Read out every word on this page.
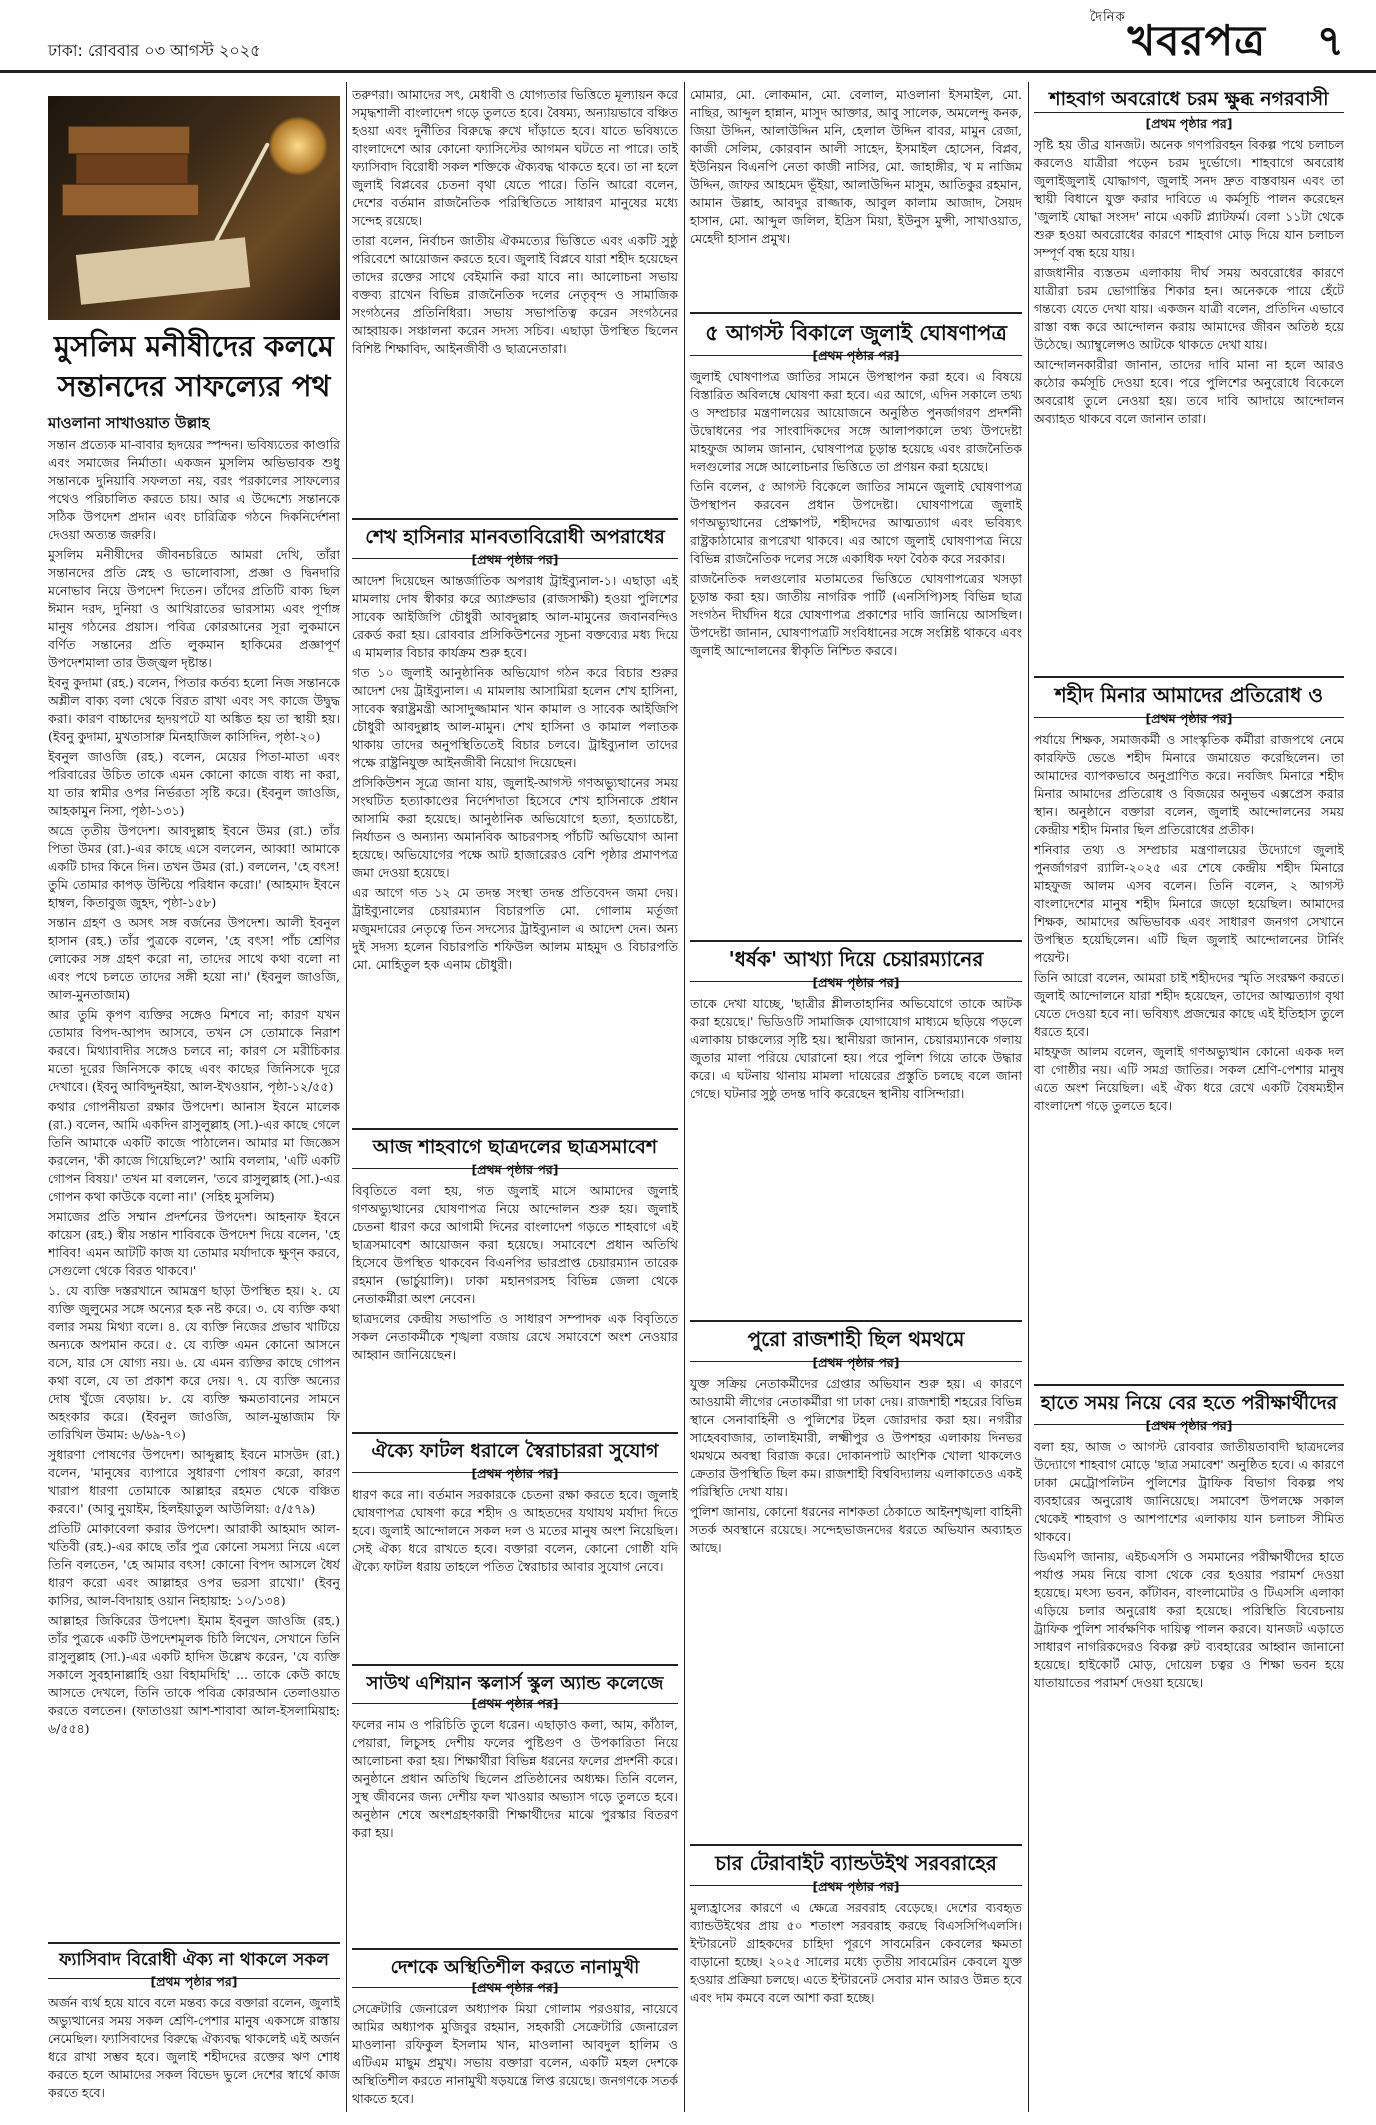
ঢাকা: রোববার ০৩ আগস্ট ২০২৫
$^{দৈনিক}$খবরপত্র ৭
মুসলিম মনীষীদের কলমে সন্তানদের সাফল্যের পথ
মাওলানা সাখাওয়াত উল্লাহ

সন্তান প্রত্যেক মা-বাবার হৃদয়ের স্পন্দন। ভবিষ্যতের কাণ্ডারি এবং সমাজের নির্মাতা। একজন মুসলিম অভিভাবক শুধু সন্তানকে দুনিয়াবি সফলতা নয়, বরং পরকালের সাফল্যের পথেও পরিচালিত করতে চায়। আর এ উদ্দেশ্যে সন্তানকে সঠিক উপদেশ প্রদান এবং চারিত্রিক গঠনে দিকনির্দেশনা দেওয়া অত্যন্ত জরুরি।

মুসলিম মনীষীদের জীবনচরিতে আমরা দেখি, তাঁরা সন্তানদের প্রতি স্নেহ ও ভালোবাসা, প্রজ্ঞা ও দ্বিনদারি মনোভাব নিয়ে উপদেশ দিতেন। তাঁদের প্রতিটি বাক্য ছিল ঈমান দরদ, দুনিয়া ও আখিরাতের ভারসাম্য এবং পূর্ণাঙ্গ মানুষ গঠনের প্রয়াস। পবিত্র কোরআনের সূরা লুকমানে বর্ণিত সন্তানের প্রতি লুকমান হাকিমের প্রজ্ঞাপূর্ণ উপদেশমালা তার উজ্জ্বল দৃষ্টান্ত।

ইবনু কুদামা (রহ.) বলেন, পিতার কর্তব্য হলো নিজ সন্তানকে অশ্লীল বাক্য বলা থেকে বিরত রাখা এবং সৎ কাজে উদ্বুদ্ধ করা। কারণ বাচ্চাদের হৃদয়পটে যা অঙ্কিত হয় তা স্থায়ী হয়। (ইবনু কুদামা, মুখতাসারু মিনহাজিল কাসিদিন, পৃষ্ঠা-২০)

ইবনুল জাওজি (রহ.) বলেন, মেয়ের পিতা-মাতা এবং পরিবারের উচিত তাকে এমন কোনো কাজে বাধ্য না করা, যা তার স্বামীর ওপর নির্ভরতা সৃষ্টি করে। (ইবনুল জাওজি, আহকামুন নিসা, পৃষ্ঠা-১৩১)

অভ্রে তৃতীয় উপদেশ। আবদুল্লাহ ইবনে উমর (রা.) তাঁর পিতা উমর (রা.)-এর কাছে এসে বললেন, আব্বা! আমাকে একটি চাদর কিনে দিন। তখন উমর (রা.) বললেন, 'হে বৎস! তুমি তোমার কাপড় উল্টিয়ে পরিধান করো।' (আহমাদ ইবনে হাম্বল, কিতাবুজ জুহদ, পৃষ্ঠা-১৫৮)

সন্তান গ্রহণ ও অসৎ সঙ্গ বর্জনের উপদেশ। আলী ইবনুল হাসান (রহ.) তাঁর পুত্রকে বলেন, 'হে বৎস! পাঁচ শ্রেণির লোকের সঙ্গ গ্রহণ করো না, তাদের সাথে কথা বলো না এবং পথে চলতে তাদের সঙ্গী হয়ো না।' (ইবনুল জাওজি, আল-মুনতাজাম)

আর তুমি কৃপণ ব্যক্তির সঙ্গেও মিশবে না; কারণ যখন তোমার বিপদ-আপদ আসবে, তখন সে তোমাকে নিরাশ করবে। মিথ্যাবাদীর সঙ্গেও চলবে না; কারণ সে মরীচিকার মতো দূরের জিনিসকে কাছে এবং কাছের জিনিসকে দূরে দেখাবে। (ইবনু আবিদ্দুনইয়া, আল-ইখওয়ান, পৃষ্ঠা-১২/৫৫)

কথার গোপনীয়তা রক্ষার উপদেশ। আনাস ইবনে মালেক (রা.) বলেন, আমি একদিন রাসুলুল্লাহ (সা.)-এর কাছে গেলে তিনি আমাকে একটি কাজে পাঠালেন। আমার মা জিজ্ঞেস করলেন, 'কী কাজে গিয়েছিলে?' আমি বললাম, 'এটি একটি গোপন বিষয়।' তখন মা বললেন, 'তবে রাসুলুল্লাহ (সা.)-এর গোপন কথা কাউকে বলো না।' (সহিহ মুসলিম)

সমাজের প্রতি সম্মান প্রদর্শনের উপদেশ। আহনাফ ইবনে কায়েস (রহ.) স্বীয় সন্তান শাবিবকে উপদেশ দিয়ে বলেন, 'হে শাবিব! এমন আটটি কাজ যা তোমার মর্যাদাকে ক্ষুণ্ন করবে, সেগুলো থেকে বিরত থাকবে।'

১. যে ব্যক্তি দস্তরখানে আমন্ত্রণ ছাড়া উপস্থিত হয়। ২. যে ব্যক্তি জুলুমের সঙ্গে অন্যের হক নষ্ট করে। ৩. যে ব্যক্তি কথা বলার সময় মিথ্যা বলে। ৪. যে ব্যক্তি নিজের প্রভাব খাটিয়ে অন্যকে অপমান করে। ৫. যে ব্যক্তি এমন কোনো আসনে বসে, যার সে যোগ্য নয়। ৬. যে এমন ব্যক্তির কাছে গোপন কথা বলে, যে তা প্রকাশ করে দেয়। ৭. যে ব্যক্তি অন্যের দোষ খুঁজে বেড়ায়। ৮. যে ব্যক্তি ক্ষমতাবানের সামনে অহংকার করে। (ইবনুল জাওজি, আল-মুন্তাজাম ফি তারিখিল উমাম: ৬/৬৯-৭০)

সুধারণা পোষণের উপদেশ। আব্দুল্লাহ ইবনে মাসউদ (রা.) বলেন, 'মানুষের ব্যাপারে সুধারণা পোষণ করো, কারণ খারাপ ধারণা তোমাকে আল্লাহর রহমত থেকে বঞ্চিত করবে।' (আবু নুয়াইম, হিলইয়াতুল আউলিয়া: ৫/৫৭৯)

প্রতিটি মোকাবেলা করার উপদেশ। আরাকী আহমাদ আল-খতিবী (রহ.)-এর কাছে তাঁর পুত্র কোনো সমস্যা নিয়ে এলে তিনি বলতেন, 'হে আমার বৎস! কোনো বিপদ আসলে ধৈর্য ধারণ করো এবং আল্লাহর ওপর ভরসা রাখো।' (ইবনু কাসির, আল-বিদায়াহ ওয়ান নিহায়াহ: ১০/১৩৪)

আল্লাহর জিকিরের উপদেশ। ইমাম ইবনুল জাওজি (রহ.) তাঁর পুত্রকে একটি উপদেশমূলক চিঠি লিখেন, সেখানে তিনি রাসুলুল্লাহ (সা.)-এর একটি হাদিস উল্লেখ করেন, 'যে ব্যক্তি সকালে সুবহানাল্লাহি ওয়া বিহামদিহি' ... তাকে কেউ কাছে আসতে দেখলে, তিনি তাকে পবিত্র কোরআন তেলাওয়াত করতে বলতেন। (ফাতাওয়া আশ-শাবাবা আল-ইসলামিয়াহ: ৬/৫৫৪)

ফ্যাসিবাদ বিরোধী ঐক্য না থাকলে সকল
[প্রথম পৃষ্ঠার পর]

অর্জন ব্যর্থ হয়ে যাবে বলে মন্তব্য করে বক্তারা বলেন, জুলাই অভ্যুত্থানের সময় সকল শ্রেণি-পেশার মানুষ একসঙ্গে রাস্তায় নেমেছিল। ফ্যাসিবাদের বিরুদ্ধে ঐক্যবদ্ধ থাকলেই এই অর্জন ধরে রাখা সম্ভব হবে। জুলাই শহীদদের রক্তের ঋণ শোধ করতে হলে আমাদের সকল বিভেদ ভুলে দেশের স্বার্থে কাজ করতে হবে।

তরুণরা। আমাদের সৎ, মেধাবী ও যোগ্যতার ভিত্তিতে মূল্যায়ন করে সমৃদ্ধশালী বাংলাদেশ গড়ে তুলতে হবে। বৈষম্য, অন্যায়ভাবে বঞ্চিত হওয়া এবং দুর্নীতির বিরুদ্ধে রুখে দাঁড়াতে হবে। যাতে ভবিষ্যতে বাংলাদেশে আর কোনো ফ্যাসিস্টের আগমন ঘটতে না পারে। তাই ফ্যাসিবাদ বিরোধী সকল শক্তিকে ঐক্যবদ্ধ থাকতে হবে। তা না হলে জুলাই বিপ্লবের চেতনা বৃথা যেতে পারে। তিনি আরো বলেন, দেশের বর্তমান রাজনৈতিক পরিস্থিতিতে সাধারণ মানুষের মধ্যে সন্দেহ রয়েছে।

তারা বলেন, নির্বাচন জাতীয় ঐকমত্যের ভিত্তিতে এবং একটি সুষ্ঠু পরিবেশে আয়োজন করতে হবে। জুলাই বিপ্লবে যারা শহীদ হয়েছেন তাদের রক্তের সাথে বেইমানি করা যাবে না। আলোচনা সভায় বক্তব্য রাখেন বিভিন্ন রাজনৈতিক দলের নেতৃবৃন্দ ও সামাজিক সংগঠনের প্রতিনিধিরা। সভায় সভাপতিত্ব করেন সংগঠনের আহ্বায়ক। সঞ্চালনা করেন সদস্য সচিব। এছাড়া উপস্থিত ছিলেন বিশিষ্ট শিক্ষাবিদ, আইনজীবী ও ছাত্রনেতারা।

শেখ হাসিনার মানবতাবিরোধী অপরাধের
[প্রথম পৃষ্ঠার পর]

আদেশ দিয়েছেন আন্তর্জাতিক অপরাধ ট্রাইব্যুনাল-১। এছাড়া এই মামলায় দোষ স্বীকার করে অ্যাপ্রুভার (রাজসাক্ষী) হওয়া পুলিশের সাবেক আইজিপি চৌধুরী আবদুল্লাহ আল-মামুনের জবানবন্দিও রেকর্ড করা হয়। রোববার প্রসিকিউশনের সূচনা বক্তব্যের মধ্য দিয়ে এ মামলার বিচার কার্যক্রম শুরু হবে।

গত ১০ জুলাই আনুষ্ঠানিক অভিযোগ গঠন করে বিচার শুরুর আদেশ দেয় ট্রাইব্যুনাল। এ মামলায় আসামিরা হলেন শেখ হাসিনা, সাবেক স্বরাষ্ট্রমন্ত্রী আসাদুজ্জামান খান কামাল ও সাবেক আইজিপি চৌধুরী আবদুল্লাহ আল-মামুন। শেখ হাসিনা ও কামাল পলাতক থাকায় তাদের অনুপস্থিতিতেই বিচার চলবে। ট্রাইব্যুনাল তাদের পক্ষে রাষ্ট্রনিযুক্ত আইনজীবী নিয়োগ দিয়েছেন।

প্রসিকিউশন সূত্রে জানা যায়, জুলাই-আগস্ট গণঅভ্যুত্থানের সময় সংঘটিত হত্যাকাণ্ডের নির্দেশদাতা হিসেবে শেখ হাসিনাকে প্রধান আসামি করা হয়েছে। আনুষ্ঠানিক অভিযোগে হত্যা, হত্যাচেষ্টা, নির্যাতন ও অন্যান্য অমানবিক আচরণসহ পাঁচটি অভিযোগ আনা হয়েছে। অভিযোগের পক্ষে আট হাজারেরও বেশি পৃষ্ঠার প্রমাণপত্র জমা দেওয়া হয়েছে।

এর আগে গত ১২ মে তদন্ত সংস্থা তদন্ত প্রতিবেদন জমা দেয়। ট্রাইব্যুনালের চেয়ারম্যান বিচারপতি মো. গোলাম মর্তূজা মজুমদারের নেতৃত্বে তিন সদস্যের ট্রাইব্যুনাল এ আদেশ দেন। অন্য দুই সদস্য হলেন বিচারপতি শফিউল আলম মাহমুদ ও বিচারপতি মো. মোহিতুল হক এনাম চৌধুরী।

আজ শাহবাগে ছাত্রদলের ছাত্রসমাবেশ
[প্রথম পৃষ্ঠার পর]

বিবৃতিতে বলা হয়, গত জুলাই মাসে আমাদের জুলাই গণঅভ্যুত্থানের ঘোষণাপত্র নিয়ে আন্দোলন শুরু হয়। জুলাই চেতনা ধারণ করে আগামী দিনের বাংলাদেশ গড়তে শাহবাগে এই ছাত্রসমাবেশ আয়োজন করা হয়েছে। সমাবেশে প্রধান অতিথি হিসেবে উপস্থিত থাকবেন বিএনপির ভারপ্রাপ্ত চেয়ারম্যান তারেক রহমান (ভার্চুয়ালি)। ঢাকা মহানগরসহ বিভিন্ন জেলা থেকে নেতাকর্মীরা অংশ নেবেন।

ছাত্রদলের কেন্দ্রীয় সভাপতি ও সাধারণ সম্পাদক এক বিবৃতিতে সকল নেতাকর্মীকে শৃঙ্খলা বজায় রেখে সমাবেশে অংশ নেওয়ার আহ্বান জানিয়েছেন।

ঐক্যে ফাটল ধরালে স্বৈরাচাররা সুযোগ
[প্রথম পৃষ্ঠার পর]

ধারণ করে না। বর্তমান সরকারকে চেতনা রক্ষা করতে হবে। জুলাই ঘোষণাপত্র ঘোষণা করে শহীদ ও আহতদের যথাযথ মর্যাদা দিতে হবে। জুলাই আন্দোলনে সকল দল ও মতের মানুষ অংশ নিয়েছিল। সেই ঐক্য ধরে রাখতে হবে। বক্তারা বলেন, কোনো গোষ্ঠী যদি ঐক্যে ফাটল ধরায় তাহলে পতিত স্বৈরাচার আবার সুযোগ নেবে।

সাউথ এশিয়ান স্কলার্স স্কুল অ্যান্ড কলেজে
[প্রথম পৃষ্ঠার পর]

ফলের নাম ও পরিচিতি তুলে ধরেন। এছাড়াও কলা, আম, কাঁঠাল, পেয়ারা, লিচুসহ দেশীয় ফলের পুষ্টিগুণ ও উপকারিতা নিয়ে আলোচনা করা হয়। শিক্ষার্থীরা বিভিন্ন ধরনের ফলের প্রদর্শনী করে। অনুষ্ঠানে প্রধান অতিথি ছিলেন প্রতিষ্ঠানের অধ্যক্ষ। তিনি বলেন, সুস্থ জীবনের জন্য দেশীয় ফল খাওয়ার অভ্যাস গড়ে তুলতে হবে। অনুষ্ঠান শেষে অংশগ্রহণকারী শিক্ষার্থীদের মাঝে পুরস্কার বিতরণ করা হয়।

দেশকে অস্থিতিশীল করতে নানামুখী
[প্রথম পৃষ্ঠার পর]

সেক্রেটারি জেনারেল অধ্যাপক মিয়া গোলাম পরওয়ার, নায়েবে আমির অধ্যাপক মুজিবুর রহমান, সহকারী সেক্রেটারি জেনারেল মাওলানা রফিকুল ইসলাম খান, মাওলানা আবদুল হালিম ও এটিএম মাছুম প্রমুখ। সভায় বক্তারা বলেন, একটি মহল দেশকে অস্থিতিশীল করতে নানামুখী ষড়যন্ত্রে লিপ্ত রয়েছে। জনগণকে সতর্ক থাকতে হবে।

মোমার, মো. লোকমান, মো. বেলাল, মাওলানা ইসমাইল, মো. নাছির, আব্দুল হান্নান, মাসুদ আক্তার, আবু সালেক, অমলেন্দু কনক, জিয়া উদ্দিন, আলাউদ্দিন মনি, হেলাল উদ্দিন বাবর, মামুন রেজা, কাজী সেলিম, কোরবান আলী সাহেদ, ইসমাইল হোসেন, বিপ্লব, ইউনিয়ন বিএনপি নেতা কাজী নাসির, মো. জাহাঙ্গীর, খ ম নাজিম উদ্দিন, জাফর আহমেদ ভূঁইয়া, আলাউদ্দিন মাসুম, আতিকুর রহমান, আমান উল্লাহ, আবদুর রাজ্জাক, আবুল কালাম আজাদ, সৈয়দ হাসান, মো. আব্দুল জলিল, ইদ্রিস মিয়া, ইউনুস মুন্সী, সাখাওয়াত, মেহেদী হাসান প্রমুখ।

৫ আগস্ট বিকালে জুলাই ঘোষণাপত্র
[প্রথম পৃষ্ঠার পর]

জুলাই ঘোষণাপত্র জাতির সামনে উপস্থাপন করা হবে। এ বিষয়ে বিস্তারিত অবিলম্বে ঘোষণা করা হবে। এর আগে, এদিন সকালে তথ্য ও সম্প্রচার মন্ত্রণালয়ের আয়োজনে অনুষ্ঠিত পুনর্জাগরণ প্রদর্শনী উদ্বোধনের পর সাংবাদিকদের সঙ্গে আলাপকালে তথ্য উপদেষ্টা মাহফুজ আলম জানান, ঘোষণাপত্র চূড়ান্ত হয়েছে এবং রাজনৈতিক দলগুলোর সঙ্গে আলোচনার ভিত্তিতে তা প্রণয়ন করা হয়েছে।

তিনি বলেন, ৫ আগস্ট বিকেলে জাতির সামনে জুলাই ঘোষণাপত্র উপস্থাপন করবেন প্রধান উপদেষ্টা। ঘোষণাপত্রে জুলাই গণঅভ্যুত্থানের প্রেক্ষাপট, শহীদদের আত্মত্যাগ এবং ভবিষ্যৎ রাষ্ট্রকাঠামোর রূপরেখা থাকবে। এর আগে জুলাই ঘোষণাপত্র নিয়ে বিভিন্ন রাজনৈতিক দলের সঙ্গে একাধিক দফা বৈঠক করে সরকার।

রাজনৈতিক দলগুলোর মতামতের ভিত্তিতে ঘোষণাপত্রের খসড়া চূড়ান্ত করা হয়। জাতীয় নাগরিক পার্টি (এনসিপি)সহ বিভিন্ন ছাত্র সংগঠন দীর্ঘদিন ধরে ঘোষণাপত্র প্রকাশের দাবি জানিয়ে আসছিল। উপদেষ্টা জানান, ঘোষণাপত্রটি সংবিধানের সঙ্গে সংশ্লিষ্ট থাকবে এবং জুলাই আন্দোলনের স্বীকৃতি নিশ্চিত করবে।

'ধর্ষক' আখ্যা দিয়ে চেয়ারম্যানের
[প্রথম পৃষ্ঠার পর]

তাকে দেখা যাচ্ছে, 'ছাত্রীর শ্লীলতাহানির অভিযোগে তাকে আটক করা হয়েছে।' ভিডিওটি সামাজিক যোগাযোগ মাধ্যমে ছড়িয়ে পড়লে এলাকায় চাঞ্চল্যের সৃষ্টি হয়। স্থানীয়রা জানান, চেয়ারম্যানকে গলায় জুতার মালা পরিয়ে ঘোরানো হয়। পরে পুলিশ গিয়ে তাকে উদ্ধার করে। এ ঘটনায় থানায় মামলা দায়েরের প্রস্তুতি চলছে বলে জানা গেছে। ঘটনার সুষ্ঠু তদন্ত দাবি করেছেন স্থানীয় বাসিন্দারা।

পুরো রাজশাহী ছিল থমথমে
[প্রথম পৃষ্ঠার পর]

যুক্ত সক্রিয় নেতাকর্মীদের গ্রেপ্তার অভিযান শুরু হয়। এ কারণে আওয়ামী লীগের নেতাকর্মীরা গা ঢাকা দেয়। রাজশাহী শহরের বিভিন্ন স্থানে সেনাবাহিনী ও পুলিশের টহল জোরদার করা হয়। নগরীর সাহেববাজার, তালাইমারী, লক্ষ্মীপুর ও উপশহর এলাকায় দিনভর থমথমে অবস্থা বিরাজ করে। দোকানপাট আংশিক খোলা থাকলেও ক্রেতার উপস্থিতি ছিল কম। রাজশাহী বিশ্ববিদ্যালয় এলাকাতেও একই পরিস্থিতি দেখা যায়।

পুলিশ জানায়, কোনো ধরনের নাশকতা ঠেকাতে আইনশৃঙ্খলা বাহিনী সতর্ক অবস্থানে রয়েছে। সন্দেহভাজনদের ধরতে অভিযান অব্যাহত আছে।

চার টেরাবাইট ব্যান্ডউইথ সরবরাহের
[প্রথম পৃষ্ঠার পর]

মুল্যহ্রাসের কারণে এ ক্ষেত্রে সরবরাহ বেড়েছে। দেশের ব্যবহৃত ব্যান্ডউইথের প্রায় ৫০ শতাংশ সরবরাহ করছে বিএসসিপিএলসি। ইন্টারনেট গ্রাহকদের চাহিদা পূরণে সাবমেরিন কেবলের ক্ষমতা বাড়ানো হচ্ছে। ২০২৫ সালের মধ্যে তৃতীয় সাবমেরিন কেবলে যুক্ত হওয়ার প্রক্রিয়া চলছে। এতে ইন্টারনেট সেবার মান আরও উন্নত হবে এবং দাম কমবে বলে আশা করা হচ্ছে।

শাহবাগ অবরোধে চরম ক্ষুব্ধ নগরবাসী
[প্রথম পৃষ্ঠার পর]

সৃষ্টি হয় তীব্র যানজট। অনেক গণপরিবহন বিকল্প পথে চলাচল করলেও যাত্রীরা পড়েন চরম দুর্ভোগে। শাহবাগে অবরোধ জুলাইজুলাই যোদ্ধাগণ, জুলাই সনদ দ্রুত বাস্তবায়ন এবং তা স্থায়ী বিধানে যুক্ত করার দাবিতে এ কর্মসূচি পালন করেছেন 'জুলাই যোদ্ধা সংসদ' নামে একটি প্ল্যাটফর্ম। বেলা ১১টা থেকে শুরু হওয়া অবরোধের কারণে শাহবাগ মোড় দিয়ে যান চলাচল সম্পূর্ণ বন্ধ হয়ে যায়।

রাজধানীর ব্যস্ততম এলাকায় দীর্ঘ সময় অবরোধের কারণে যাত্রীরা চরম ভোগান্তির শিকার হন। অনেককে পায়ে হেঁটে গন্তব্যে যেতে দেখা যায়। একজন যাত্রী বলেন, প্রতিদিন এভাবে রাস্তা বন্ধ করে আন্দোলন করায় আমাদের জীবন অতিষ্ঠ হয়ে উঠেছে। অ্যাম্বুলেন্সও আটকে থাকতে দেখা যায়।

আন্দোলনকারীরা জানান, তাদের দাবি মানা না হলে আরও কঠোর কর্মসূচি দেওয়া হবে। পরে পুলিশের অনুরোধে বিকেলে অবরোধ তুলে নেওয়া হয়। তবে দাবি আদায়ে আন্দোলন অব্যাহত থাকবে বলে জানান তারা।

শহীদ মিনার আমাদের প্রতিরোধ ও
[প্রথম পৃষ্ঠার পর]

পর্যায়ে শিক্ষক, সমাজকর্মী ও সাংস্কৃতিক কর্মীরা রাজপথে নেমে কারফিউ ভেঙে শহীদ মিনারে জমায়েত করেছিলেন। তা আমাদের ব্যাপকভাবে অনুপ্রাণিত করে। নবজিৎ মিনারে শহীদ মিনার আমাদের প্রতিরোধ ও বিজয়ের অনুভব এক্সপ্রেস করার স্থান। অনুষ্ঠানে বক্তারা বলেন, জুলাই আন্দোলনের সময় কেন্দ্রীয় শহীদ মিনার ছিল প্রতিরোধের প্রতীক।

শনিবার তথ্য ও সম্প্রচার মন্ত্রণালয়ের উদ্যোগে জুলাই পুনর্জাগরণ র‍্যালি-২০২৫ এর শেষে কেন্দ্রীয় শহীদ মিনারে মাহফুজ আলম এসব বলেন। তিনি বলেন, ২ আগস্ট বাংলাদেশের মানুষ শহীদ মিনারে জড়ো হয়েছিল। আমাদের শিক্ষক, আমাদের অভিভাবক এবং সাধারণ জনগণ সেখানে উপস্থিত হয়েছিলেন। এটি ছিল জুলাই আন্দোলনের টার্নিং পয়েন্ট।

তিনি আরো বলেন, আমরা চাই শহীদদের স্মৃতি সংরক্ষণ করতে। জুলাই আন্দোলনে যারা শহীদ হয়েছেন, তাদের আত্মত্যাগ বৃথা যেতে দেওয়া হবে না। ভবিষ্যৎ প্রজন্মের কাছে এই ইতিহাস তুলে ধরতে হবে।

মাহফুজ আলম বলেন, জুলাই গণঅভ্যুত্থান কোনো একক দল বা গোষ্ঠীর নয়। এটি সমগ্র জাতির। সকল শ্রেণি-পেশার মানুষ এতে অংশ নিয়েছিল। এই ঐক্য ধরে রেখে একটি বৈষম্যহীন বাংলাদেশ গড়ে তুলতে হবে।

হাতে সময় নিয়ে বের হতে পরীক্ষার্থীদের
[প্রথম পৃষ্ঠার পর]

বলা হয়, আজ ৩ আগস্ট রোববার জাতীয়তাবাদী ছাত্রদলের উদ্যোগে শাহবাগ মোড়ে 'ছাত্র সমাবেশ' অনুষ্ঠিত হবে। এ কারণে ঢাকা মেট্রোপলিটন পুলিশের ট্রাফিক বিভাগ বিকল্প পথ ব্যবহারের অনুরোধ জানিয়েছে। সমাবেশ উপলক্ষে সকাল থেকেই শাহবাগ ও আশপাশের এলাকায় যান চলাচল সীমিত থাকবে।

ডিএমপি জানায়, এইচএসসি ও সমমানের পরীক্ষার্থীদের হাতে পর্যাপ্ত সময় নিয়ে বাসা থেকে বের হওয়ার পরামর্শ দেওয়া হয়েছে। মৎস্য ভবন, কাঁটাবন, বাংলামোটর ও টিএসসি এলাকা এড়িয়ে চলার অনুরোধ করা হয়েছে। পরিস্থিতি বিবেচনায় ট্রাফিক পুলিশ সার্বক্ষণিক দায়িত্ব পালন করবে। যানজট এড়াতে সাধারণ নাগরিকদেরও বিকল্প রুট ব্যবহারের আহ্বান জানানো হয়েছে। হাইকোর্ট মোড়, দোয়েল চত্বর ও শিক্ষা ভবন হয়ে যাতায়াতের পরামর্শ দেওয়া হয়েছে।
